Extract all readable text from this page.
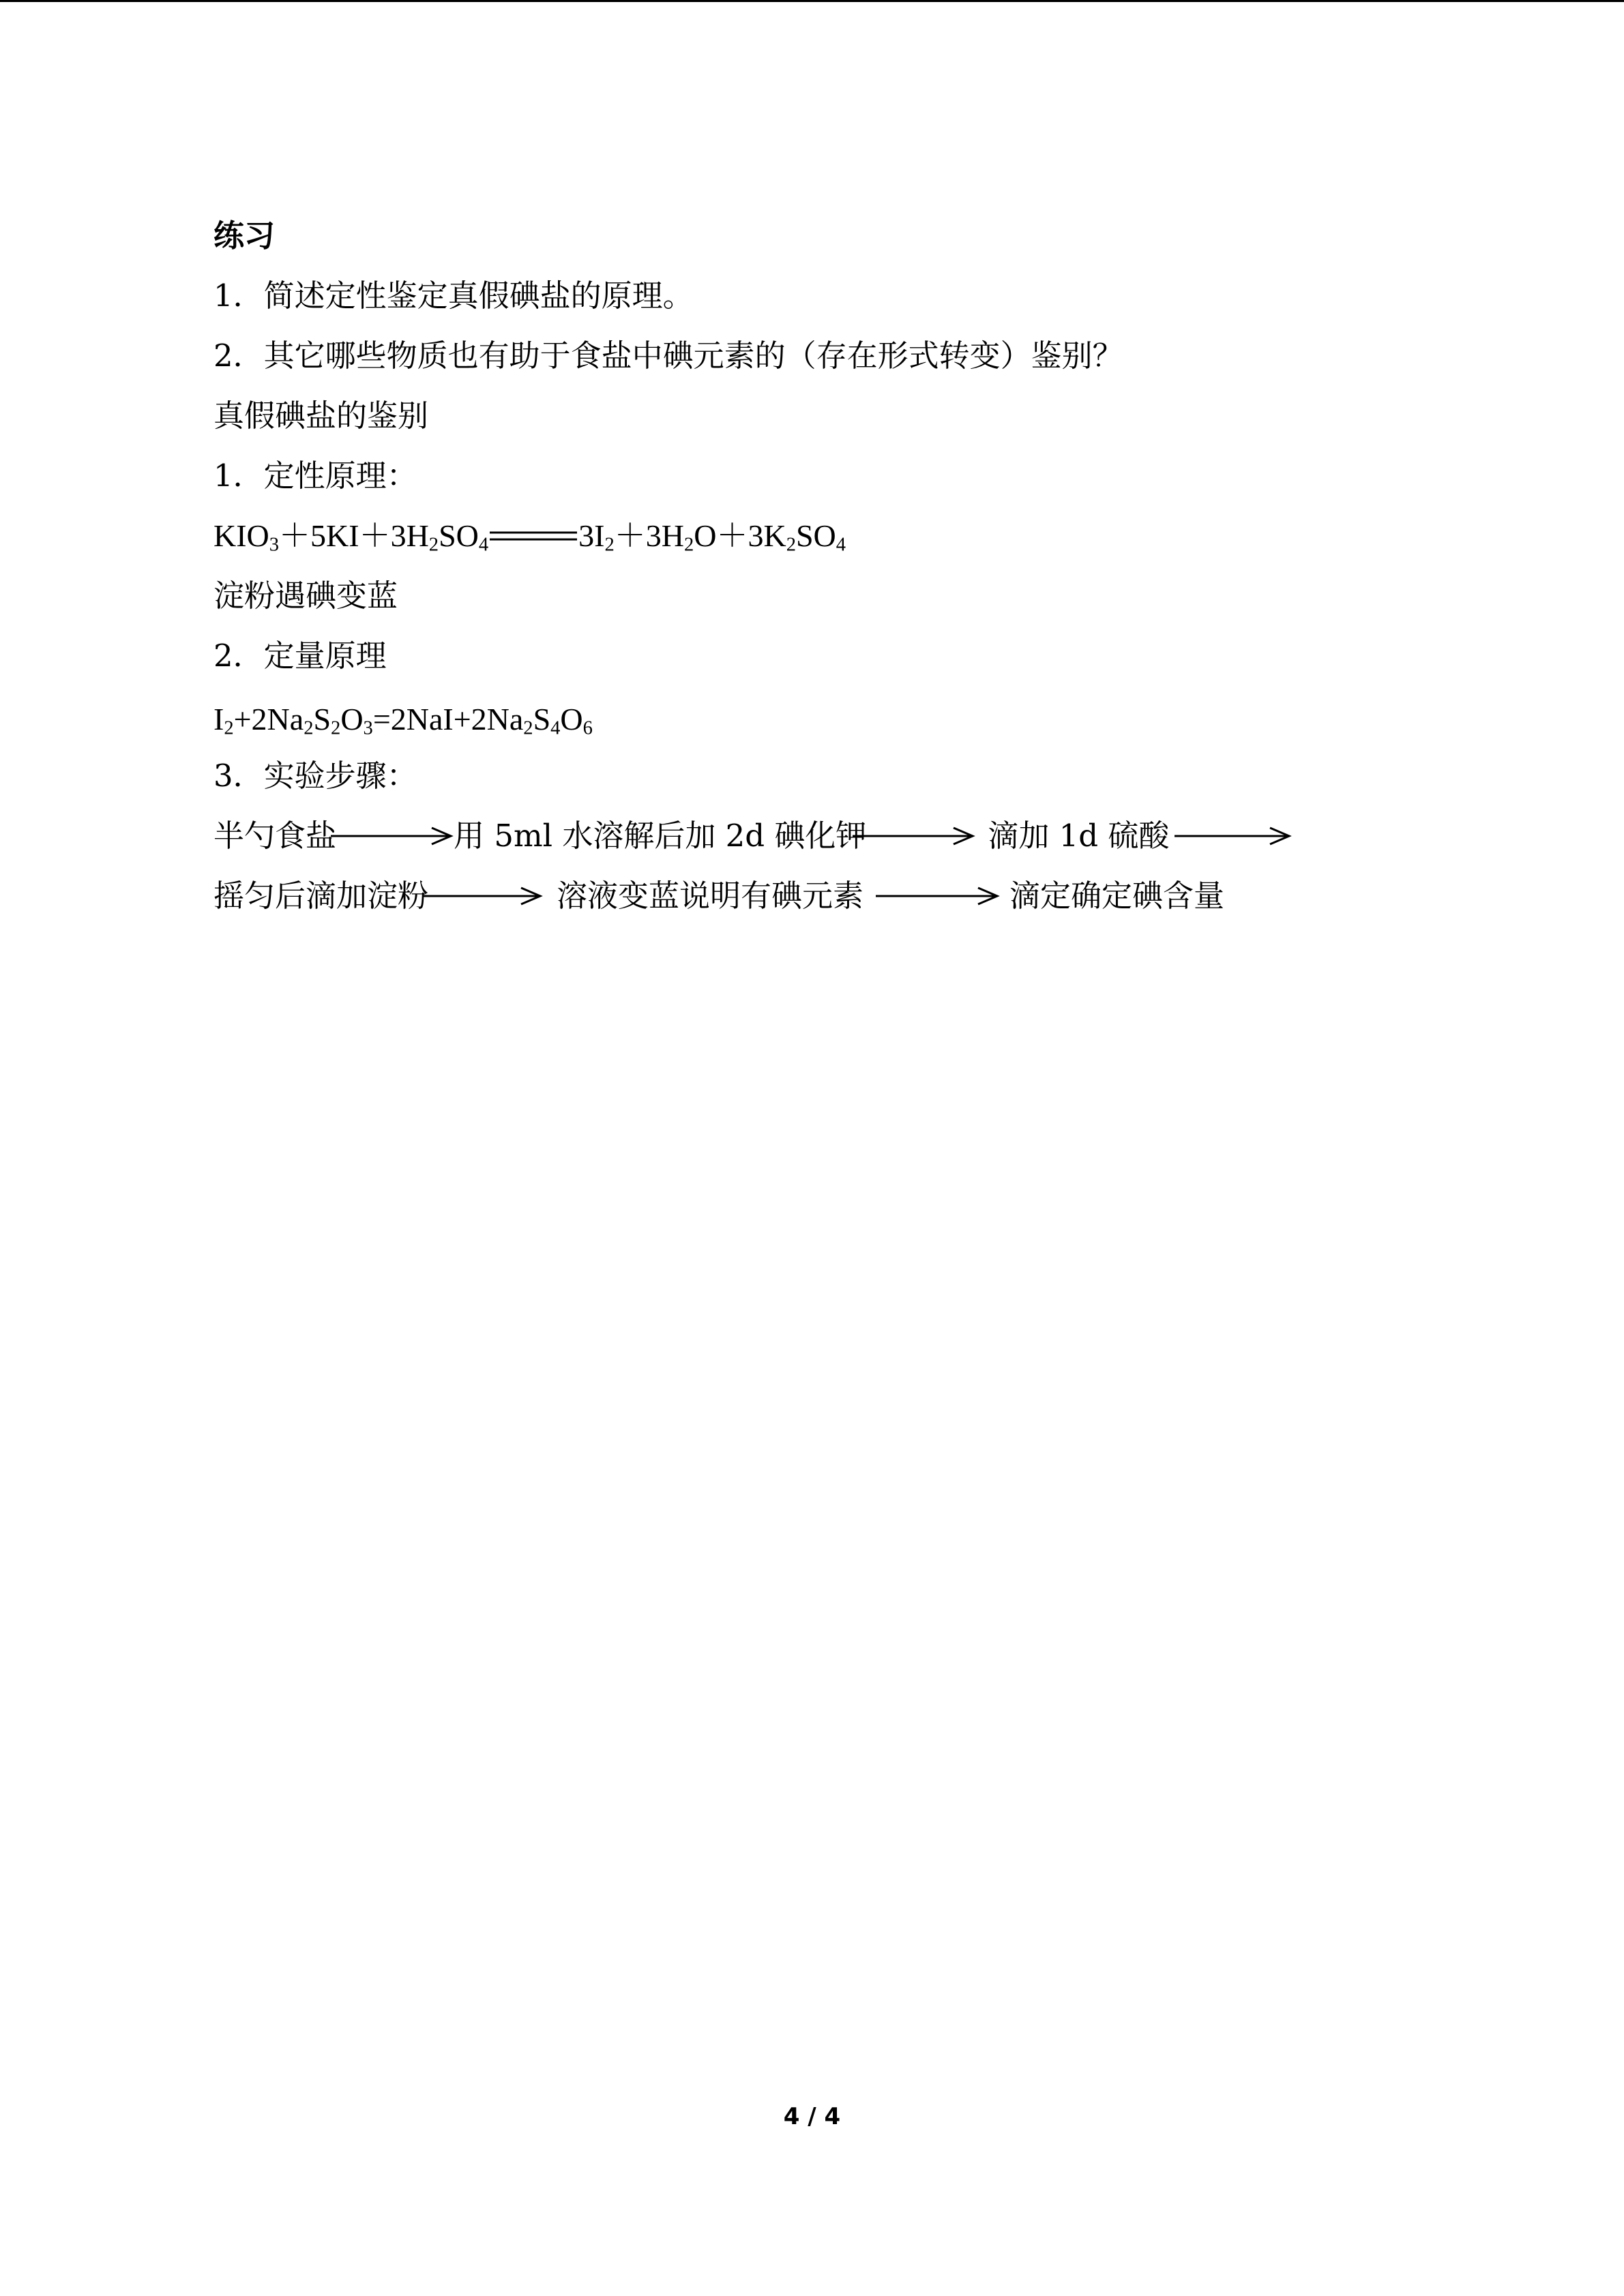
练习
1．简述定性鉴定真假碘盐的原理。
2．其它哪些物质也有助于食盐中碘元素的（存在形式转变）鉴别？
真假碘盐的鉴别
1．定性原理：
$KIO_3+5KI+3H_2SO_4$	$3I_2+3H_2O+3K_2SO_4$
淀粉遇碘变蓝
2．定量原理
$I_2+2Na_2S_2O_3=2NaI+2Na_2S_4O_6$
3．实验步骤：
半勺食盐	用 5ml 水溶解后加 2d 碘化钾	滴加 1d 硫酸
摇匀后滴加淀粉	溶液变蓝说明有碘元素	滴定确定碘含量
4 / 4
